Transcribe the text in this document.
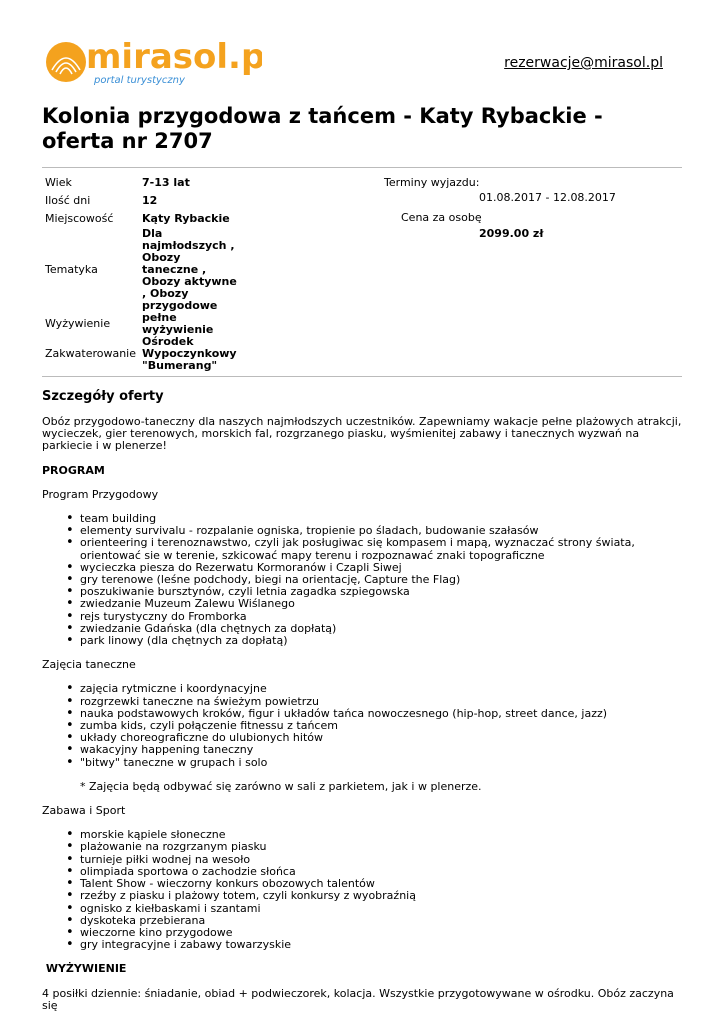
mirasol.pl
portal turystyczny
rezerwacje@mirasol.pl
Kolonia przygodowa z tańcem - Katy Rybackie - oferta nr 2707
Wiek	7-13 lat
Ilość dni	12
Miejscowość	Kąty Rybackie
Tematyka	Dla najmłodszych , Obozy taneczne , Obozy aktywne , Obozy przygodowe
Wyżywienie	pełne wyżywienie
Zakwaterowanie	Ośrodek Wypoczynkowy "Bumerang"
Terminy wyjazdu:
01.08.2017 - 12.08.2017
Cena za osobę
2099.00 zł
Szczegóły oferty

Obóz przygodowo-taneczny dla naszych najmłodszych uczestników. Zapewniamy wakacje pełne plażowych atrakcji, wycieczek, gier terenowych, morskich fal, rozgrzanego piasku, wyśmienitej zabawy i tanecznych wyzwań na parkiecie i w plenerze!

PROGRAM

Program Przygodowy

• team building
• elementy survivalu - rozpalanie ogniska, tropienie po śladach, budowanie szałasów
• orienteering i terenoznawstwo, czyli jak posługiwac się kompasem i mapą, wyznaczać strony świata, orientować sie w terenie, szkicować mapy terenu i rozpoznawać znaki topograficzne
• wycieczka piesza do Rezerwatu Kormoranów i Czapli Siwej
• gry terenowe (leśne podchody, biegi na orientację, Capture the Flag)
• poszukiwanie bursztynów, czyli letnia zagadka szpiegowska
• zwiedzanie Muzeum Zalewu Wiślanego
• rejs turystyczny do Fromborka
• zwiedzanie Gdańska (dla chętnych za dopłatą)
• park linowy (dla chętnych za dopłatą)

Zajęcia taneczne

• zajęcia rytmiczne i koordynacyjne
• rozgrzewki taneczne na świeżym powietrzu
• nauka podstawowych kroków, figur i układów tańca nowoczesnego (hip-hop, street dance, jazz)
• zumba kids, czyli połączenie fitnessu z tańcem
• układy choreograficzne do ulubionych hitów
• wakacyjny happening taneczny
• "bitwy" taneczne w grupach i solo

* Zajęcia będą odbywać się zarówno w sali z parkietem, jak i w plenerze.

Zabawa i Sport

• morskie kąpiele słoneczne
• plażowanie na rozgrzanym piasku
• turnieje piłki wodnej na wesoło
• olimpiada sportowa o zachodzie słońca
• Talent Show - wieczorny konkurs obozowych talentów
• rzeźby z piasku i plażowy totem, czyli konkursy z wyobraźnią
• ognisko z kiełbaskami i szantami
• dyskoteka przebierana
• wieczorne kino przygodowe
• gry integracyjne i zabawy towarzyskie

WYŻYWIENIE

4 posiłki dziennie: śniadanie, obiad + podwieczorek, kolacja. Wszystkie przygotowywane w ośrodku. Obóz zaczyna się
